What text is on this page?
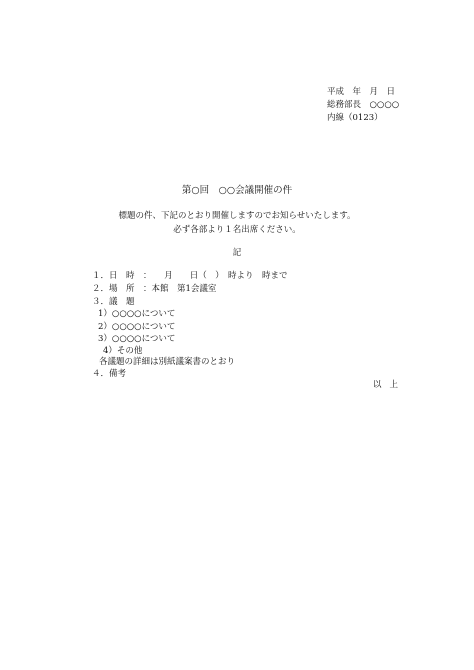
平成　年　月　日
総務部長　○○○○
内線（0123）
第○回　○○会議開催の件
標題の件、下記のとおり開催しますのでお知らせいたします。
必ず各部より１名出席ください。
記
１．日　時　：　　月　　日（　）　時より　時まで
２．場　所　：本館　第1会議室
３．議　題
1）○○○○について
2）○○○○について
3）○○○○について
4）その他
各議題の詳細は別紙議案書のとおり
４．備考
以上
